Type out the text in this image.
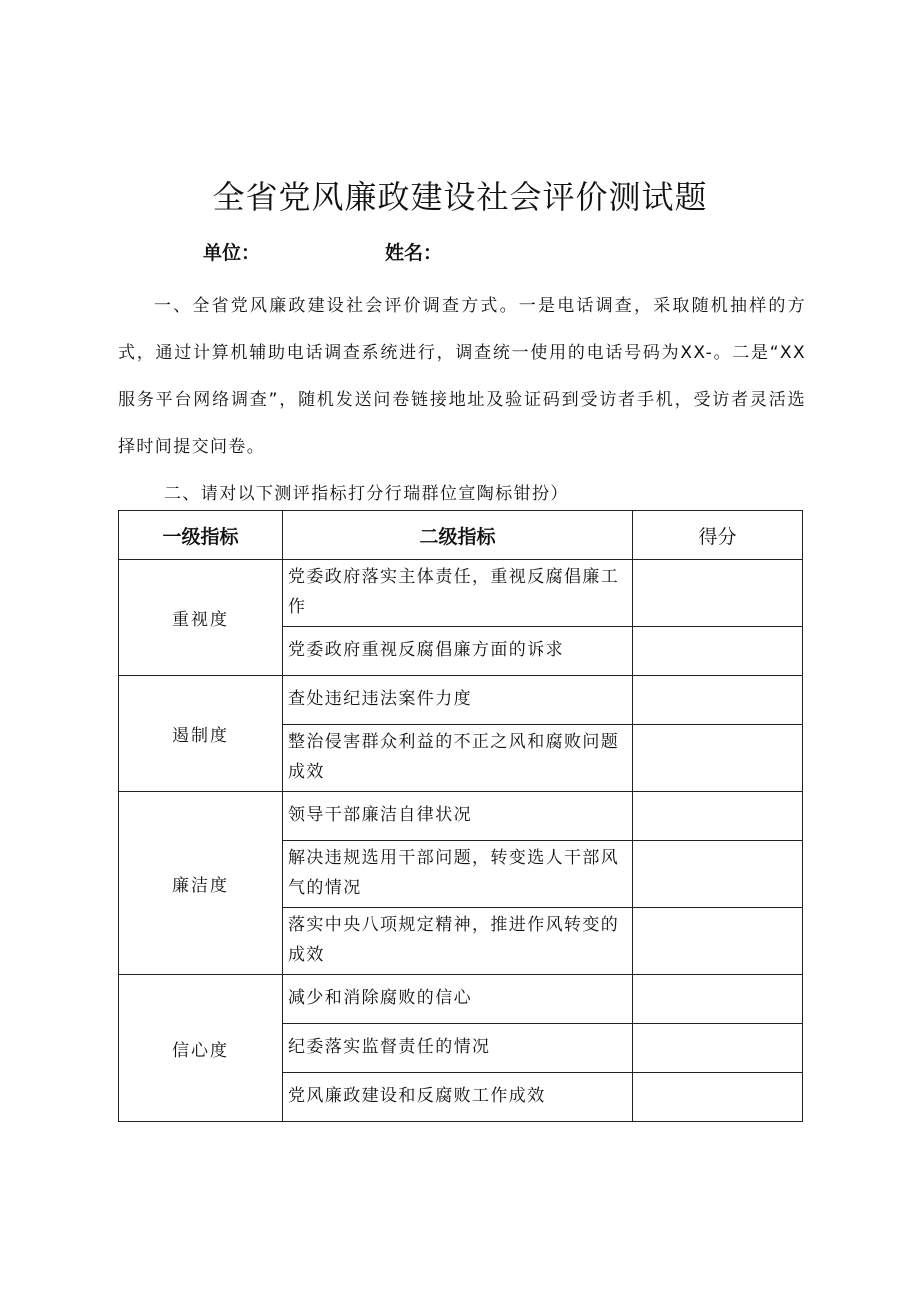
全省党风廉政建设社会评价测试题
单位：	姓名：

一、全省党风廉政建设社会评价调查方式。一是电话调查，采取随机抽样的方式，通过计算机辅助电话调查系统进行，调查统一使用的电话号码为XX-。二是“XX服务平台网络调查”，随机发送问卷链接地址及验证码到受访者手机，受访者灵活选择时间提交问卷。

二、请对以下测评指标打分行瑞群位宣陶标钳扮）

一级指标	二级指标	得分
重视度	党委政府落实主体责任，重视反腐倡廉工作	
	党委政府重视反腐倡廉方面的诉求	
遏制度	查处违纪违法案件力度	
	整治侵害群众利益的不正之风和腐败问题成效	
廉洁度	领导干部廉洁自律状况	
	解决违规选用干部问题，转变选人干部风气的情况	
	落实中央八项规定精神，推进作风转变的成效	
信心度	减少和消除腐败的信心	
	纪委落实监督责任的情况	
	党风廉政建设和反腐败工作成效	
